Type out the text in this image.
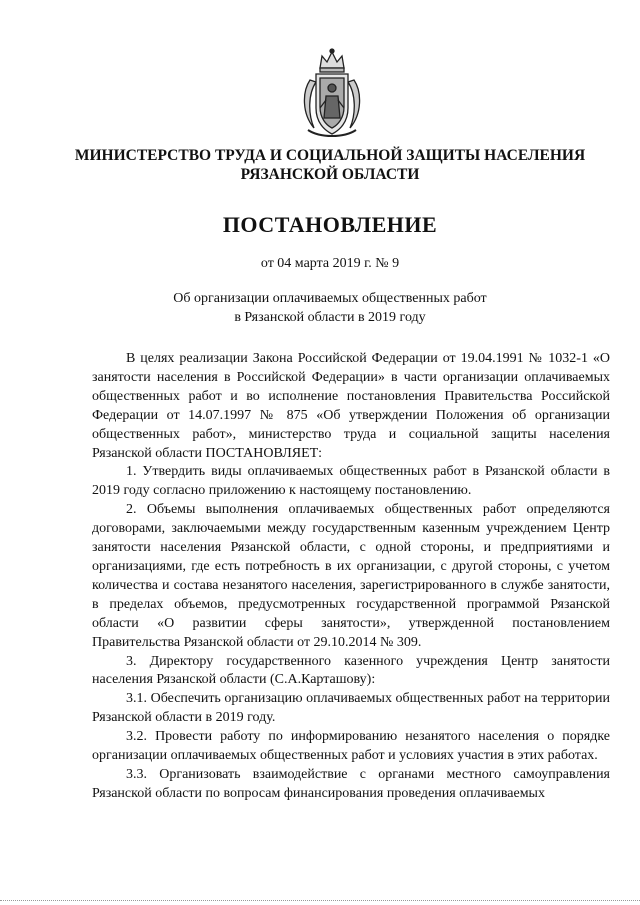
МИНИСТЕРСТВО ТРУДА И СОЦИАЛЬНОЙ ЗАЩИТЫ НАСЕЛЕНИЯ
РЯЗАНСКОЙ ОБЛАСТИ
ПОСТАНОВЛЕНИЕ
от 04 марта 2019 г. № 9
Об организации оплачиваемых общественных работ
в Рязанской области в 2019 году

В целях реализации Закона Российской Федерации от 19.04.1991 № 1032-1 «О занятости населения в Российской Федерации» в части организации оплачиваемых общественных работ и во исполнение постановления Правительства Российской Федерации от 14.07.1997 № 875 «Об утверждении Положения об организации общественных работ», министерство труда и социальной защиты населения Рязанской области ПОСТАНОВЛЯЕТ:

1. Утвердить виды оплачиваемых общественных работ в Рязанской области в 2019 году согласно приложению к настоящему постановлению.

2. Объемы выполнения оплачиваемых общественных работ определяются договорами, заключаемыми между государственным казенным учреждением Центр занятости населения Рязанской области, с одной стороны, и предприятиями и организациями, где есть потребность в их организации, с другой стороны, с учетом количества и состава незанятого населения, зарегистрированного в службе занятости, в пределах объемов, предусмотренных государственной программой Рязанской области «О развитии сферы занятости», утвержденной постановлением Правительства Рязанской области от 29.10.2014 № 309.

3. Директору государственного казенного учреждения Центр занятости населения Рязанской области (С.А.Карташову):

3.1. Обеспечить организацию оплачиваемых общественных работ на территории Рязанской области в 2019 году.

3.2. Провести работу по информированию незанятого населения о порядке организации оплачиваемых общественных работ и условиях участия в этих работах.

3.3. Организовать взаимодействие с органами местного самоуправления Рязанской области по вопросам финансирования проведения оплачиваемых
